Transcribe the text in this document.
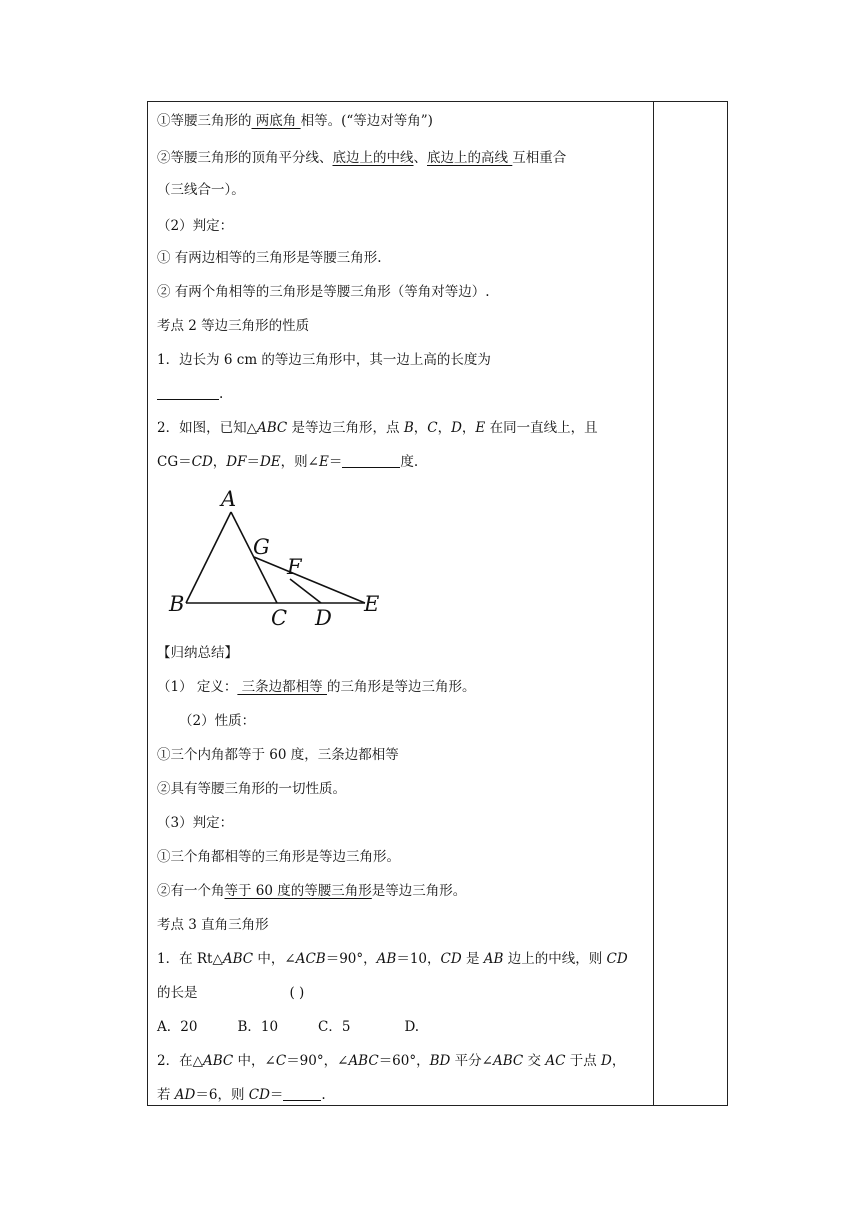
①等腰三角形的 两底角 相等。(“等边对等角”)
②等腰三角形的顶角平分线、底边上的中线、底边上的高线 互相重合
（三线合一）。
（2）判定：
① 有两边相等的三角形是等腰三角形.
② 有两个角相等的三角形是等腰三角形（等角对等边）.
考点 2 等边三角形的性质
1．边长为 6 cm 的等边三角形中，其一边上高的长度为
.
2．如图，已知△ABC 是等边三角形，点 B，C，D，E 在同一直线上，且
CG＝CD，DF＝DE，则∠E＝	度.
【归纳总结】
（1） 定义： 三条边都相等 的三角形是等边三角形。
（2）性质：
①三个内角都等于 60 度，三条边都相等
②具有等腰三角形的一切性质。
（3）判定：
①三个角都相等的三角形是等边三角形。
②有一个角等于 60 度的等腰三角形是等边三角形。
考点 3 直角三角形
1．在 Rt△ABC 中，∠ACB＝90°，AB＝10，CD 是 AB 边上的中线，则 CD
的长是	( )
A．20	B．10	C．5	D.
2．在△ABC 中，∠C＝90°，∠ABC＝60°，BD 平分∠ABC 交 AC 于点 D，
若 AD＝6，则 CD＝	.
A
B
G
F
C D
E
